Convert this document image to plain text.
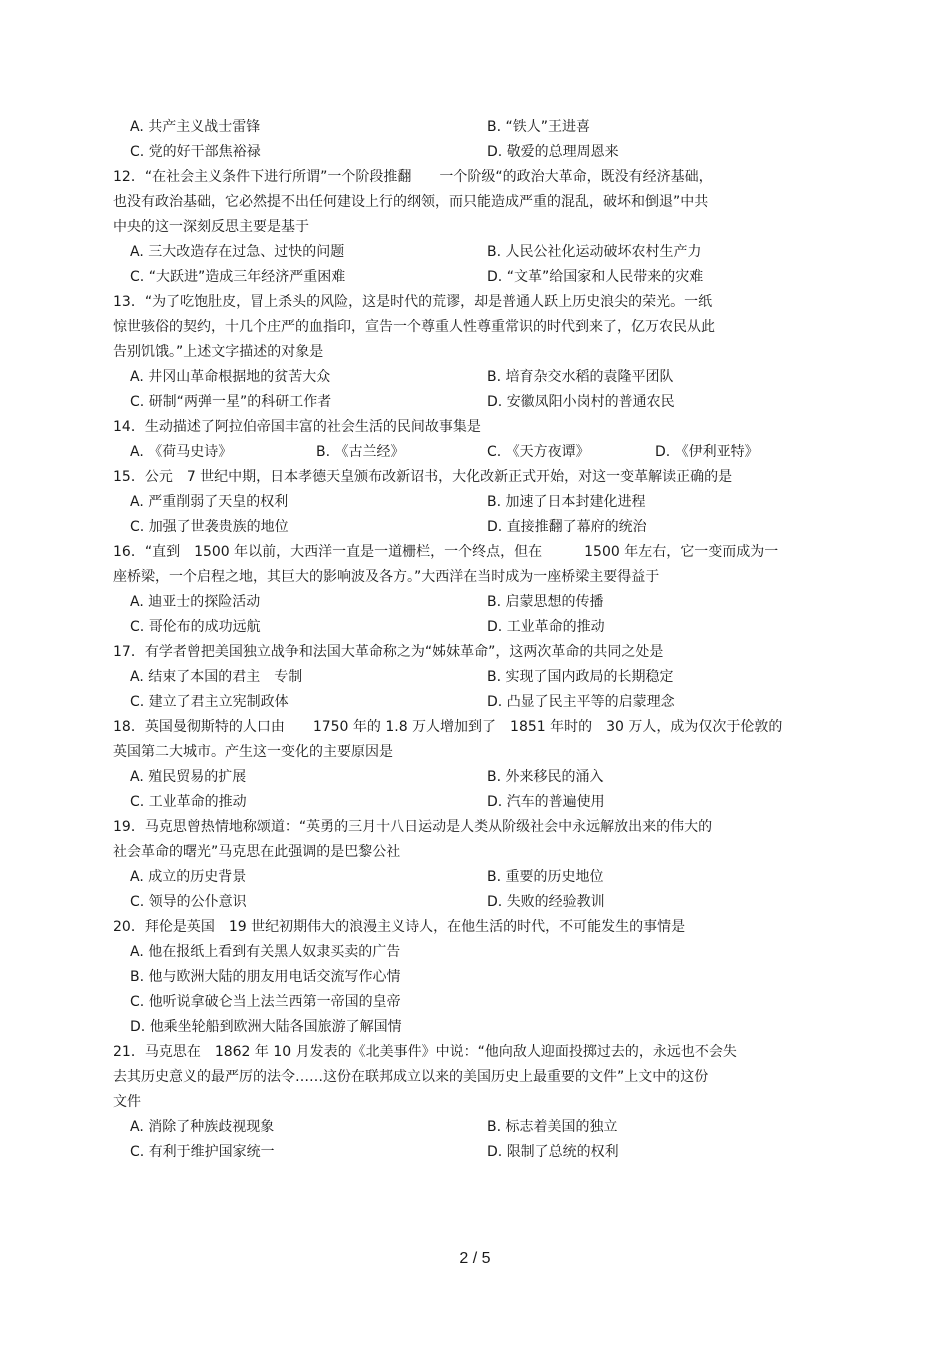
A. 共产主义战士雷锋	B. “铁人”王进喜
C. 党的好干部焦裕禄	D. 敬爱的总理周恩来
12．“在社会主义条件下进行所谓”一个阶段推翻　　一个阶级“的政治大革命，既没有经济基础，
也没有政治基础，它必然提不出任何建设上行的纲领，而只能造成严重的混乱，破坏和倒退”中共
中央的这一深刻反思主要是基于
A. 三大改造存在过急、过快的问题	B. 人民公社化运动破坏农村生产力
C. “大跃进”造成三年经济严重困难	D. “文革”给国家和人民带来的灾难
13．“为了吃饱肚皮，冒上杀头的风险，这是时代的荒谬，却是普通人跃上历史浪尖的荣光。一纸
惊世骇俗的契约，十几个庄严的血指印，宣告一个尊重人性尊重常识的时代到来了，亿万农民从此
告别饥饿。”上述文字描述的对象是
A. 井冈山革命根据地的贫苦大众	B. 培育杂交水稻的袁隆平团队
C. 研制“两弹一星”的科研工作者	D. 安徽凤阳小岗村的普通农民
14．生动描述了阿拉伯帝国丰富的社会生活的民间故事集是
A. 《荷马史诗》	B. 《古兰经》	C. 《天方夜谭》	D. 《伊利亚特》
15．公元　7 世纪中期，日本孝德天皇颁布改新诏书，大化改新正式开始，对这一变革解读正确的是
A. 严重削弱了天皇的权利	B. 加速了日本封建化进程
C. 加强了世袭贵族的地位	D. 直接推翻了幕府的统治
16．“直到　1500 年以前，大西洋一直是一道栅栏，一个终点，但在　　　1500 年左右，它一变而成为一
座桥梁，一个启程之地，其巨大的影响波及各方。”大西洋在当时成为一座桥梁主要得益于
A. 迪亚士的探险活动	B. 启蒙思想的传播
C. 哥伦布的成功远航	D. 工业革命的推动
17．有学者曾把美国独立战争和法国大革命称之为“姊妹革命”，这两次革命的共同之处是
A. 结束了本国的君主　专制	B. 实现了国内政局的长期稳定
C. 建立了君主立宪制政体	D. 凸显了民主平等的启蒙理念
18．英国曼彻斯特的人口由　　1750 年的 1.8 万人增加到了　1851 年时的　30 万人，成为仅次于伦敦的
英国第二大城市。产生这一变化的主要原因是
A. 殖民贸易的扩展	B. 外来移民的涌入
C. 工业革命的推动	D. 汽车的普遍使用
19．马克思曾热情地称颂道：“英勇的三月十八日运动是人类从阶级社会中永远解放出来的伟大的
社会革命的曙光”马克思在此强调的是巴黎公社
A. 成立的历史背景	B. 重要的历史地位
C. 领导的公仆意识	D. 失败的经验教训
20．拜伦是英国　19 世纪初期伟大的浪漫主义诗人，在他生活的时代，不可能发生的事情是
A. 他在报纸上看到有关黑人奴隶买卖的广告
B. 他与欧洲大陆的朋友用电话交流写作心情
C. 他听说拿破仑当上法兰西第一帝国的皇帝
D. 他乘坐轮船到欧洲大陆各国旅游了解国情
21．马克思在　1862 年 10 月发表的《北美事件》中说：“他向敌人迎面投掷过去的，永远也不会失
去其历史意义的最严厉的法令……这份在联邦成立以来的美国历史上最重要的文件”上文中的这份
文件
A. 消除了种族歧视现象	B. 标志着美国的独立
C. 有利于维护国家统一	D. 限制了总统的权利
2 / 5
